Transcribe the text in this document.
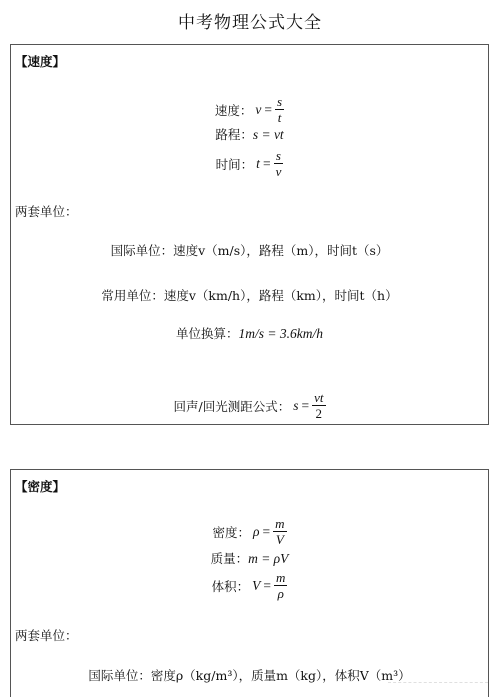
中考物理公式大全
【速度】
速度： $v = \frac{s}{t}$
路程：s = vt
时间： $t = \frac{s}{v}$
两套单位：
国际单位：速度v（m/s），路程（m），时间t（s）
常用单位：速度v（km/h），路程（km），时间t（h）
单位换算：1m/s = 3.6km/h
回声/回光测距公式： $s = \frac{vt}{2}$
【密度】
密度： $\rho = \frac{m}{V}$
质量：m = ρV
体积： $V = \frac{m}{\rho}$
两套单位：
国际单位：密度ρ（kg/m³），质量m（kg），体积V（m³）
